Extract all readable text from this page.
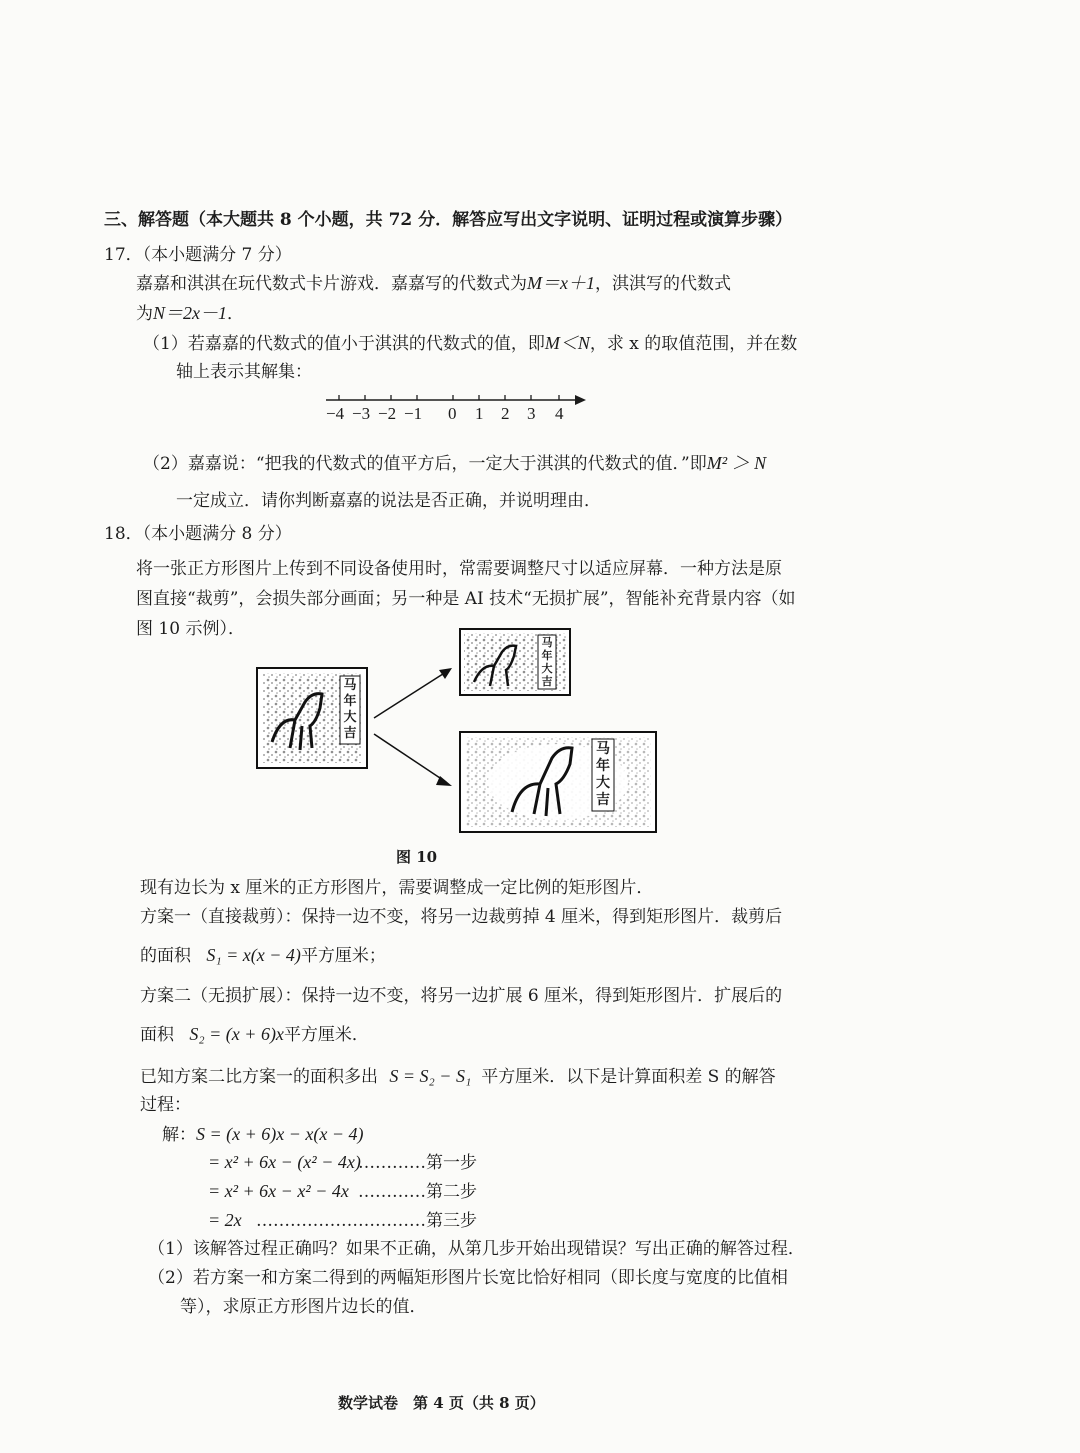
三、解答题（本大题共 8 个小题，共 72 分．解答应写出文字说明、证明过程或演算步骤）
17．（本小题满分 7 分）
嘉嘉和淇淇在玩代数式卡片游戏．嘉嘉写的代数式为M＝x＋1，淇淇写的代数式
为N＝2x－1．
（1）若嘉嘉的代数式的值小于淇淇的代数式的值，即M＜N，求 x 的取值范围，并在数
轴上表示其解集：
−4 −3 −2 −1 0 1 2 3 4
（2）嘉嘉说：“把我的代数式的值平方后，一定大于淇淇的代数式的值．”即M² ＞ N
一定成立．请你判断嘉嘉的说法是否正确，并说明理由．
18．（本小题满分 8 分）
将一张正方形图片上传到不同设备使用时，常需要调整尺寸以适应屏幕．一种方法是原
图直接“裁剪”，会损失部分画面；另一种是 AI 技术“无损扩展”，智能补充背景内容（如
图 10 示例）．
马
年
大
吉
马
年
大
吉
马
年
大
吉
图 10
现有边长为 x 厘米的正方形图片，需要调整成一定比例的矩形图片．
方案一（直接裁剪）：保持一边不变，将另一边裁剪掉 4 厘米，得到矩形图片．裁剪后
的面积 S₁ = x(x − 4)平方厘米；
方案二（无损扩展）：保持一边不变，将另一边扩展 6 厘米，得到矩形图片．扩展后的
面积 S₂ = (x + 6)x平方厘米．
已知方案二比方案一的面积多出 S = S₂ − S₁ 平方厘米．以下是计算面积差 S 的解答
过程：
解：S = (x + 6)x − x(x − 4)
= x² + 6x − (x² − 4x)…………第一步
= x² + 6x − x² − 4x …………第二步
= 2x …………………………第三步
（1）该解答过程正确吗？如果不正确，从第几步开始出现错误？写出正确的解答过程．
（2）若方案一和方案二得到的两幅矩形图片长宽比恰好相同（即长度与宽度的比值相
等），求原正方形图片边长的值．
数学试卷　第 4 页（共 8 页）
